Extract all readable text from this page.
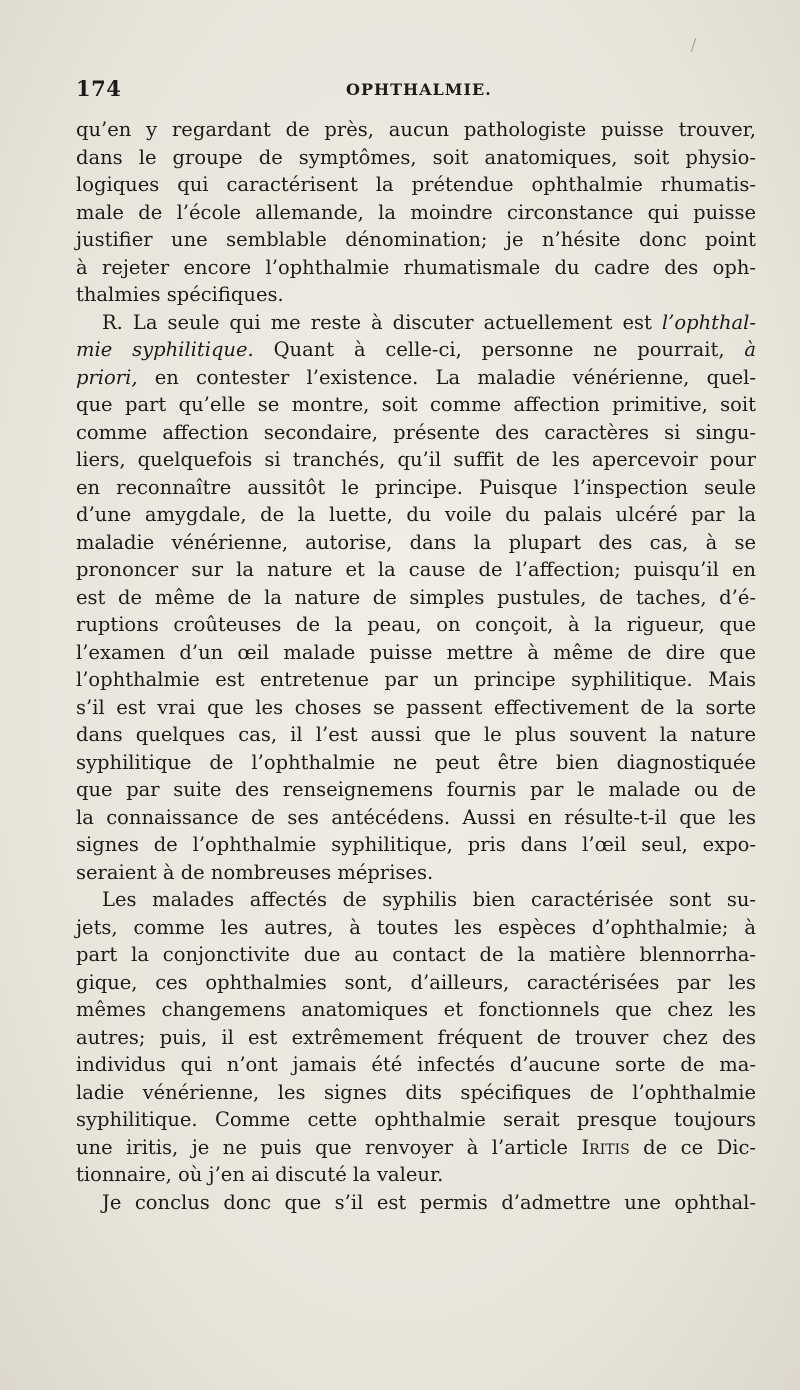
174	OPHTHALMIE.
qu’en y regardant de près, aucun pathologiste puisse trouver,
dans le groupe de symptômes, soit anatomiques, soit physio-
logiques qui caractérisent la prétendue ophthalmie rhumatis-
male de l’école allemande, la moindre circonstance qui puisse
justifier une semblable dénomination; je n’hésite donc point
à rejeter encore l’ophthalmie rhumatismale du cadre des oph-
thalmies spécifiques.
R. La seule qui me reste à discuter actuellement est l’ophthal-
mie syphilitique. Quant à celle-ci, personne ne pourrait, à
priori, en contester l’existence. La maladie vénérienne, quel-
que part qu’elle se montre, soit comme affection primitive, soit
comme affection secondaire, présente des caractères si singu-
liers, quelquefois si tranchés, qu’il suffit de les apercevoir pour
en reconnaître aussitôt le principe. Puisque l’inspection seule
d’une amygdale, de la luette, du voile du palais ulcéré par la
maladie vénérienne, autorise, dans la plupart des cas, à se
prononcer sur la nature et la cause de l’affection; puisqu’il en
est de même de la nature de simples pustules, de taches, d’é-
ruptions croûteuses de la peau, on conçoit, à la rigueur, que
l’examen d’un œil malade puisse mettre à même de dire que
l’ophthalmie est entretenue par un principe syphilitique. Mais
s’il est vrai que les choses se passent effectivement de la sorte
dans quelques cas, il l’est aussi que le plus souvent la nature
syphilitique de l’ophthalmie ne peut être bien diagnostiquée
que par suite des renseignemens fournis par le malade ou de
la connaissance de ses antécédens. Aussi en résulte-t-il que les
signes de l’ophthalmie syphilitique, pris dans l’œil seul, expo-
seraient à de nombreuses méprises.
Les malades affectés de syphilis bien caractérisée sont su-
jets, comme les autres, à toutes les espèces d’ophthalmie; à
part la conjonctivite due au contact de la matière blennorrha-
gique, ces ophthalmies sont, d’ailleurs, caractérisées par les
mêmes changemens anatomiques et fonctionnels que chez les
autres; puis, il est extrêmement fréquent de trouver chez des
individus qui n’ont jamais été infectés d’aucune sorte de ma-
ladie vénérienne, les signes dits spécifiques de l’ophthalmie
syphilitique. Comme cette ophthalmie serait presque toujours
une iritis, je ne puis que renvoyer à l’article Iritis de ce Dic-
tionnaire, où j’en ai discuté la valeur.
Je conclus donc que s’il est permis d’admettre une ophthal-
